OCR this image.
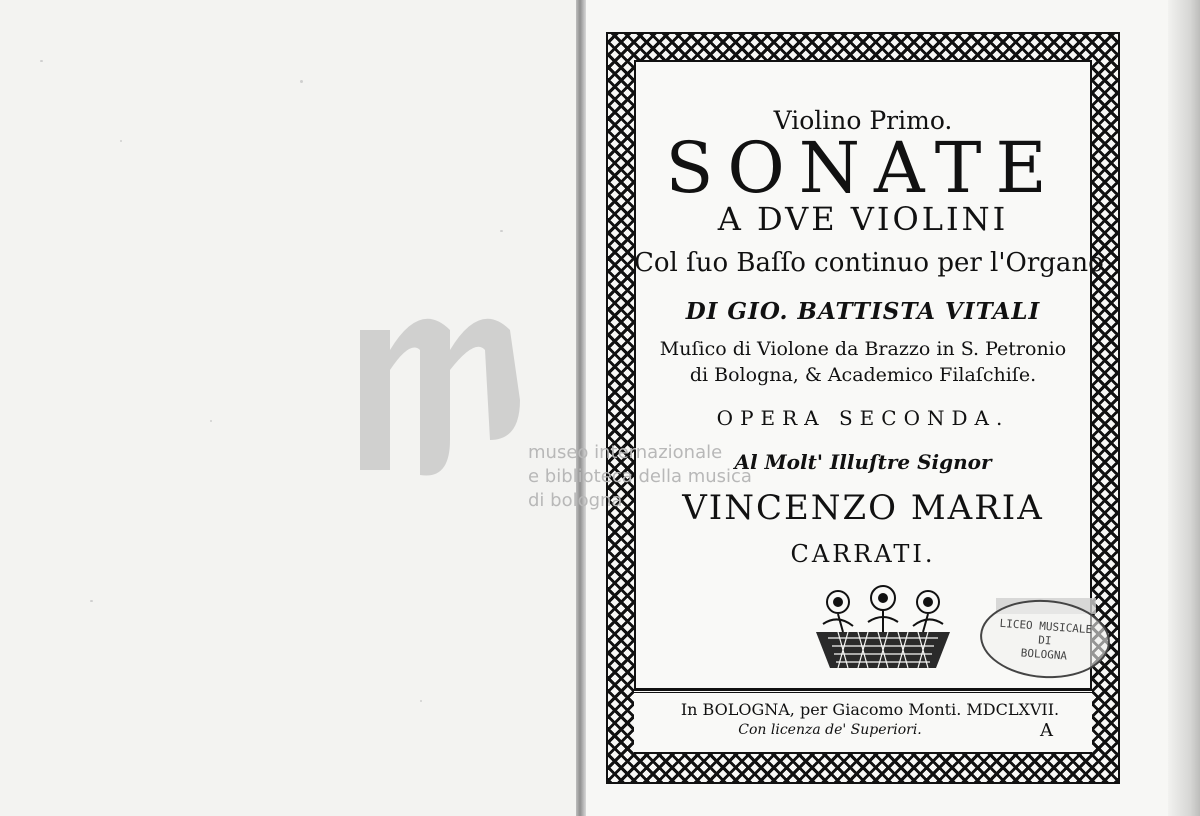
museo internazionale
e biblioteca della musica
di bologna
Violino Primo.
SONATE
A DVE VIOLINI
Col ſuo Baſſo continuo per l'Organo
DI GIO. BATTISTA VITALI
Muſico di Violone da Brazzo in S. Petronio
di Bologna, & Academico Filaſchiſe.
OPERA SECONDA.
Al Molt' Illuſtre Signor
VINCENZO MARIA
CARRATI.
LICEO MUSICALE
DI
BOLOGNA
In BOLOGNA, per Giacomo Monti. MDCLXVII.
Con licenza de' Superiori.	A
